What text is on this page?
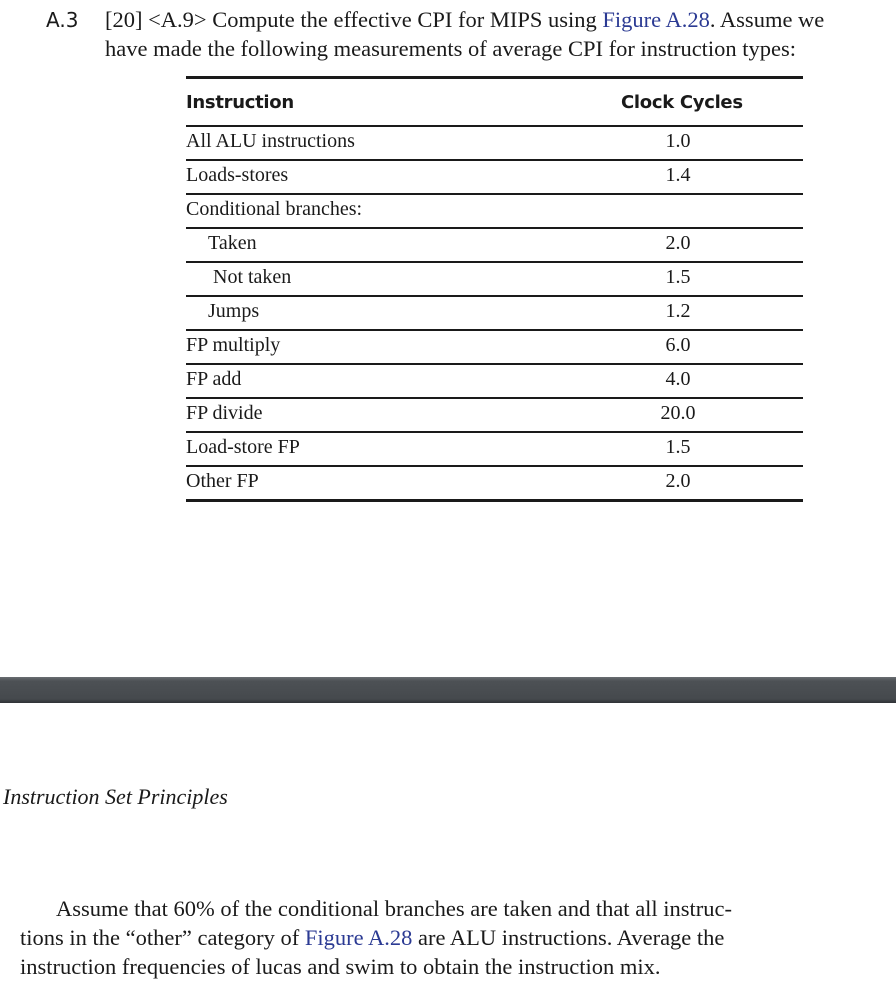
A.3 [20] <A.9> Compute the effective CPI for MIPS using Figure A.28. Assume we
have made the following measurements of average CPI for instruction types:
Instruction	Clock Cycles
All ALU instructions	1.0
Loads-stores	1.4
Conditional branches:
Taken	2.0
Not taken	1.5
Jumps	1.2
FP multiply	6.0
FP add	4.0
FP divide	20.0
Load-store FP	1.5
Other FP	2.0
Instruction Set Principles
Assume that 60% of the conditional branches are taken and that all instruc-
tions in the “other” category of Figure A.28 are ALU instructions. Average the
instruction frequencies of lucas and swim to obtain the instruction mix.
